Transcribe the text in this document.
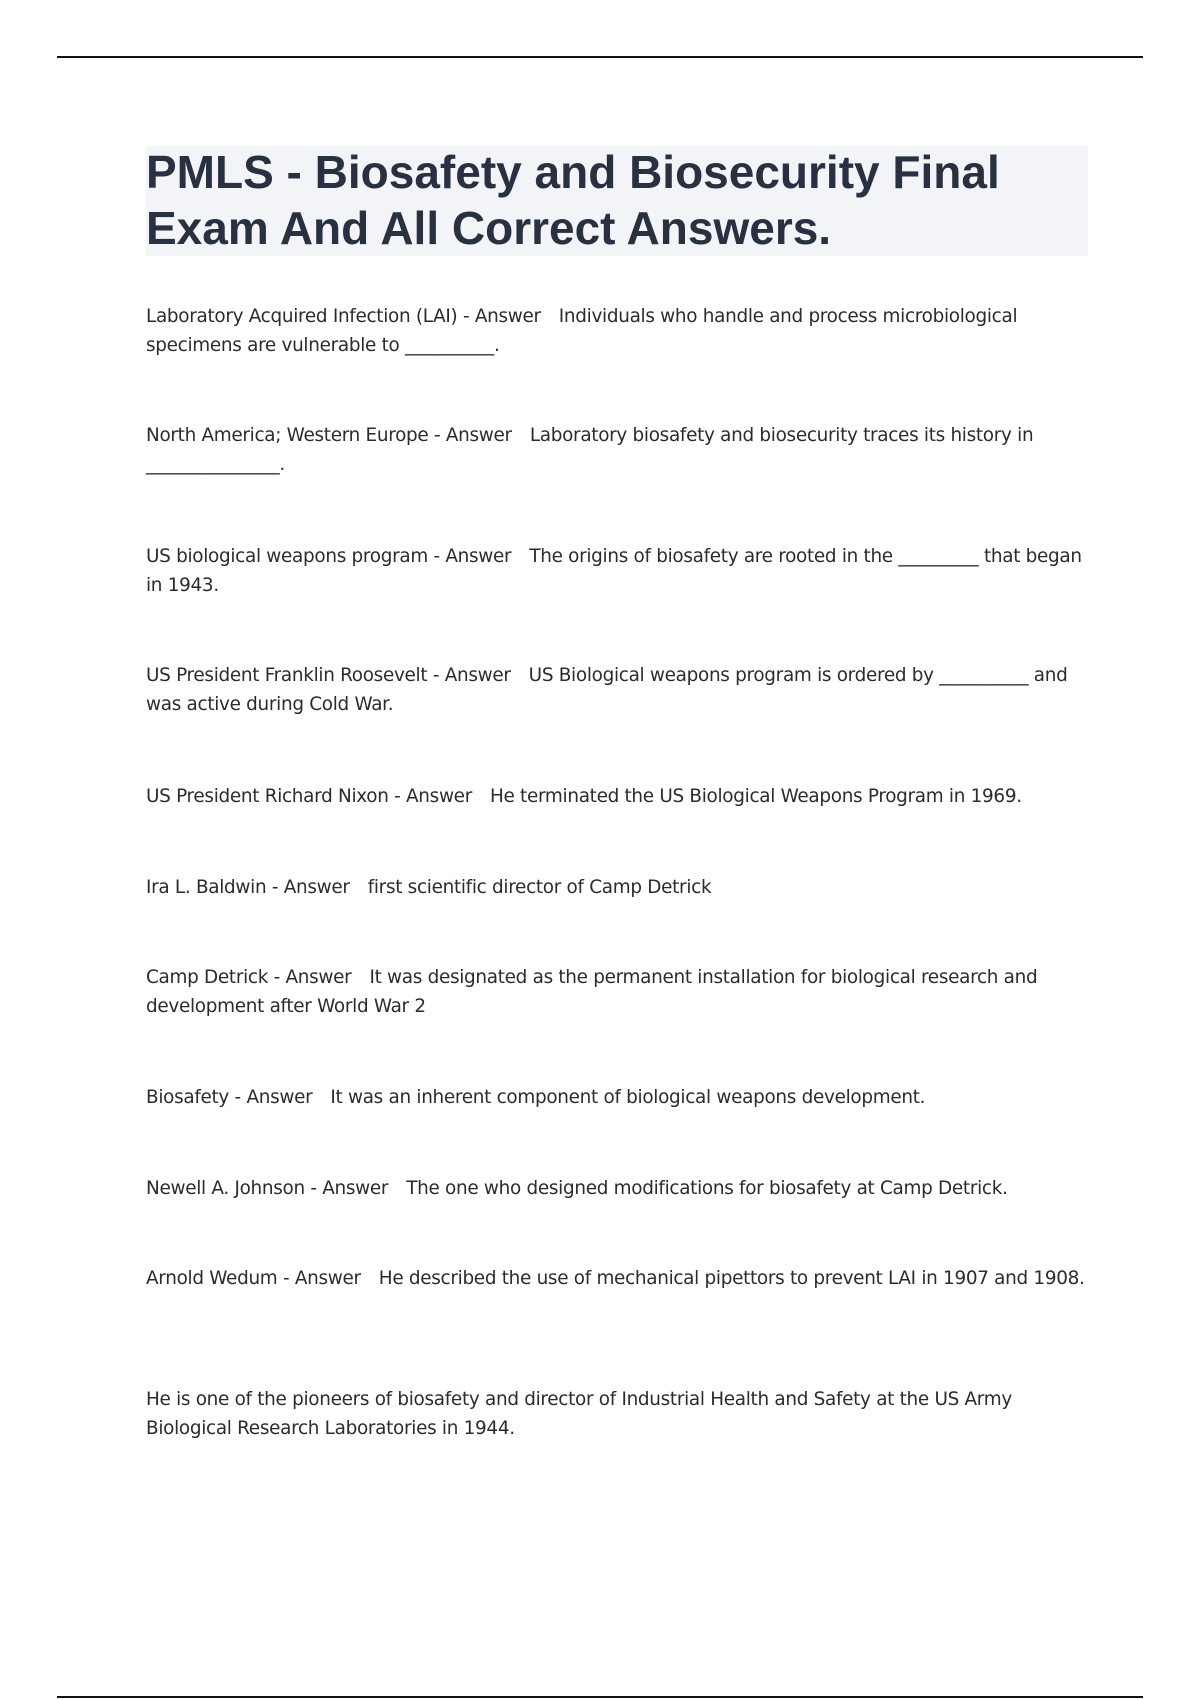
PMLS - Biosafety and Biosecurity Final Exam And All Correct Answers.

Laboratory Acquired Infection (LAI) - Answer Individuals who handle and process microbiological specimens are vulnerable to __________.

North America; Western Europe - Answer Laboratory biosafety and biosecurity traces its history in _______________.

US biological weapons program - Answer The origins of biosafety are rooted in the _________ that began in 1943.

US President Franklin Roosevelt - Answer US Biological weapons program is ordered by __________ and was active during Cold War.

US President Richard Nixon - Answer He terminated the US Biological Weapons Program in 1969.

Ira L. Baldwin - Answer first scientific director of Camp Detrick

Camp Detrick - Answer It was designated as the permanent installation for biological research and development after World War 2

Biosafety - Answer It was an inherent component of biological weapons development.

Newell A. Johnson - Answer The one who designed modifications for biosafety at Camp Detrick.

Arnold Wedum - Answer He described the use of mechanical pipettors to prevent LAI in 1907 and 1908.

He is one of the pioneers of biosafety and director of Industrial Health and Safety at the US Army Biological Research Laboratories in 1944.
